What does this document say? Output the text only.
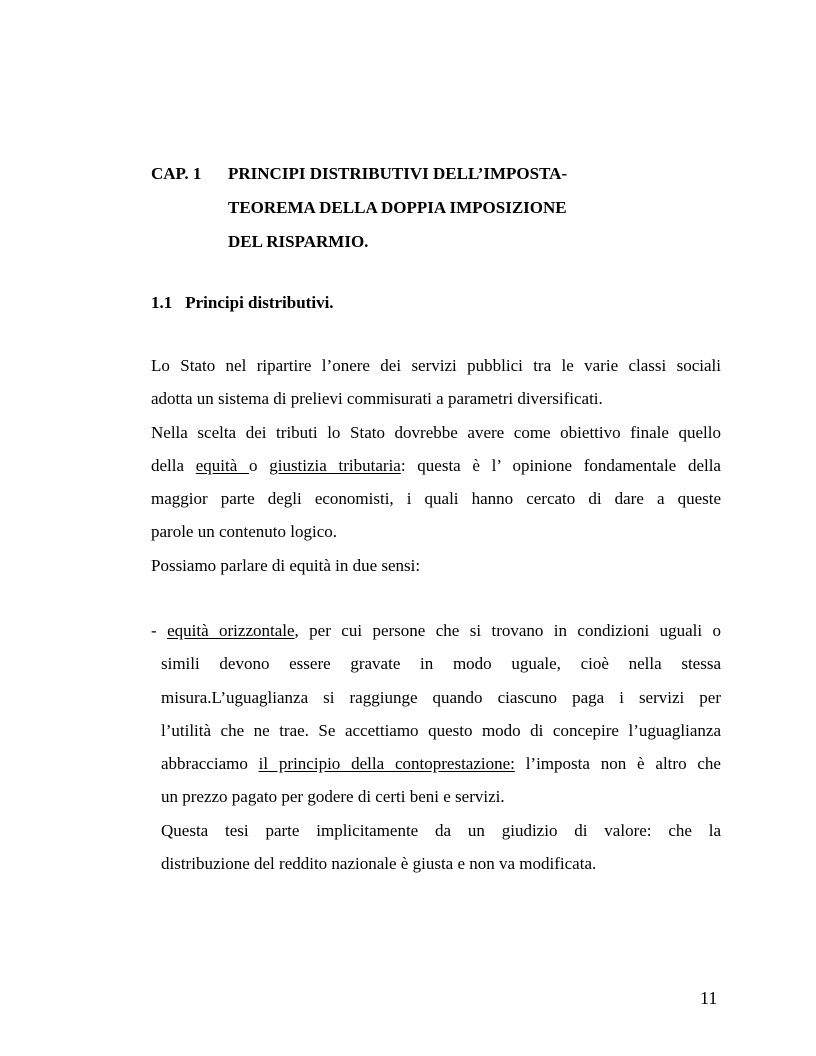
CAP. 1 PRINCIPI DISTRIBUTIVI DELL’IMPOSTA-
TEOREMA DELLA DOPPIA IMPOSIZIONE
DEL RISPARMIO.
1.1 Principi distributivi.

Lo Stato nel ripartire l’onere dei servizi pubblici tra le varie classi sociali

adotta un sistema di prelievi commisurati a parametri diversificati.

Nella scelta dei tributi lo Stato dovrebbe avere come obiettivo finale quello

della equità o giustizia tributaria: questa è l’ opinione fondamentale della

maggior parte degli economisti, i quali hanno cercato di dare a queste

parole un contenuto logico.

Possiamo parlare di equità in due sensi:

- equità orizzontale, per cui persone che si trovano in condizioni uguali o

simili devono essere gravate in modo uguale, cioè nella stessa

misura.L’uguaglianza si raggiunge quando ciascuno paga i servizi per

l’utilità che ne trae. Se accettiamo questo modo di concepire l’uguaglianza

abbracciamo il principio della contoprestazione: l’imposta non è altro che

un prezzo pagato per godere di certi beni e servizi.

Questa tesi parte implicitamente da un giudizio di valore: che la

distribuzione del reddito nazionale è giusta e non va modificata.

11
